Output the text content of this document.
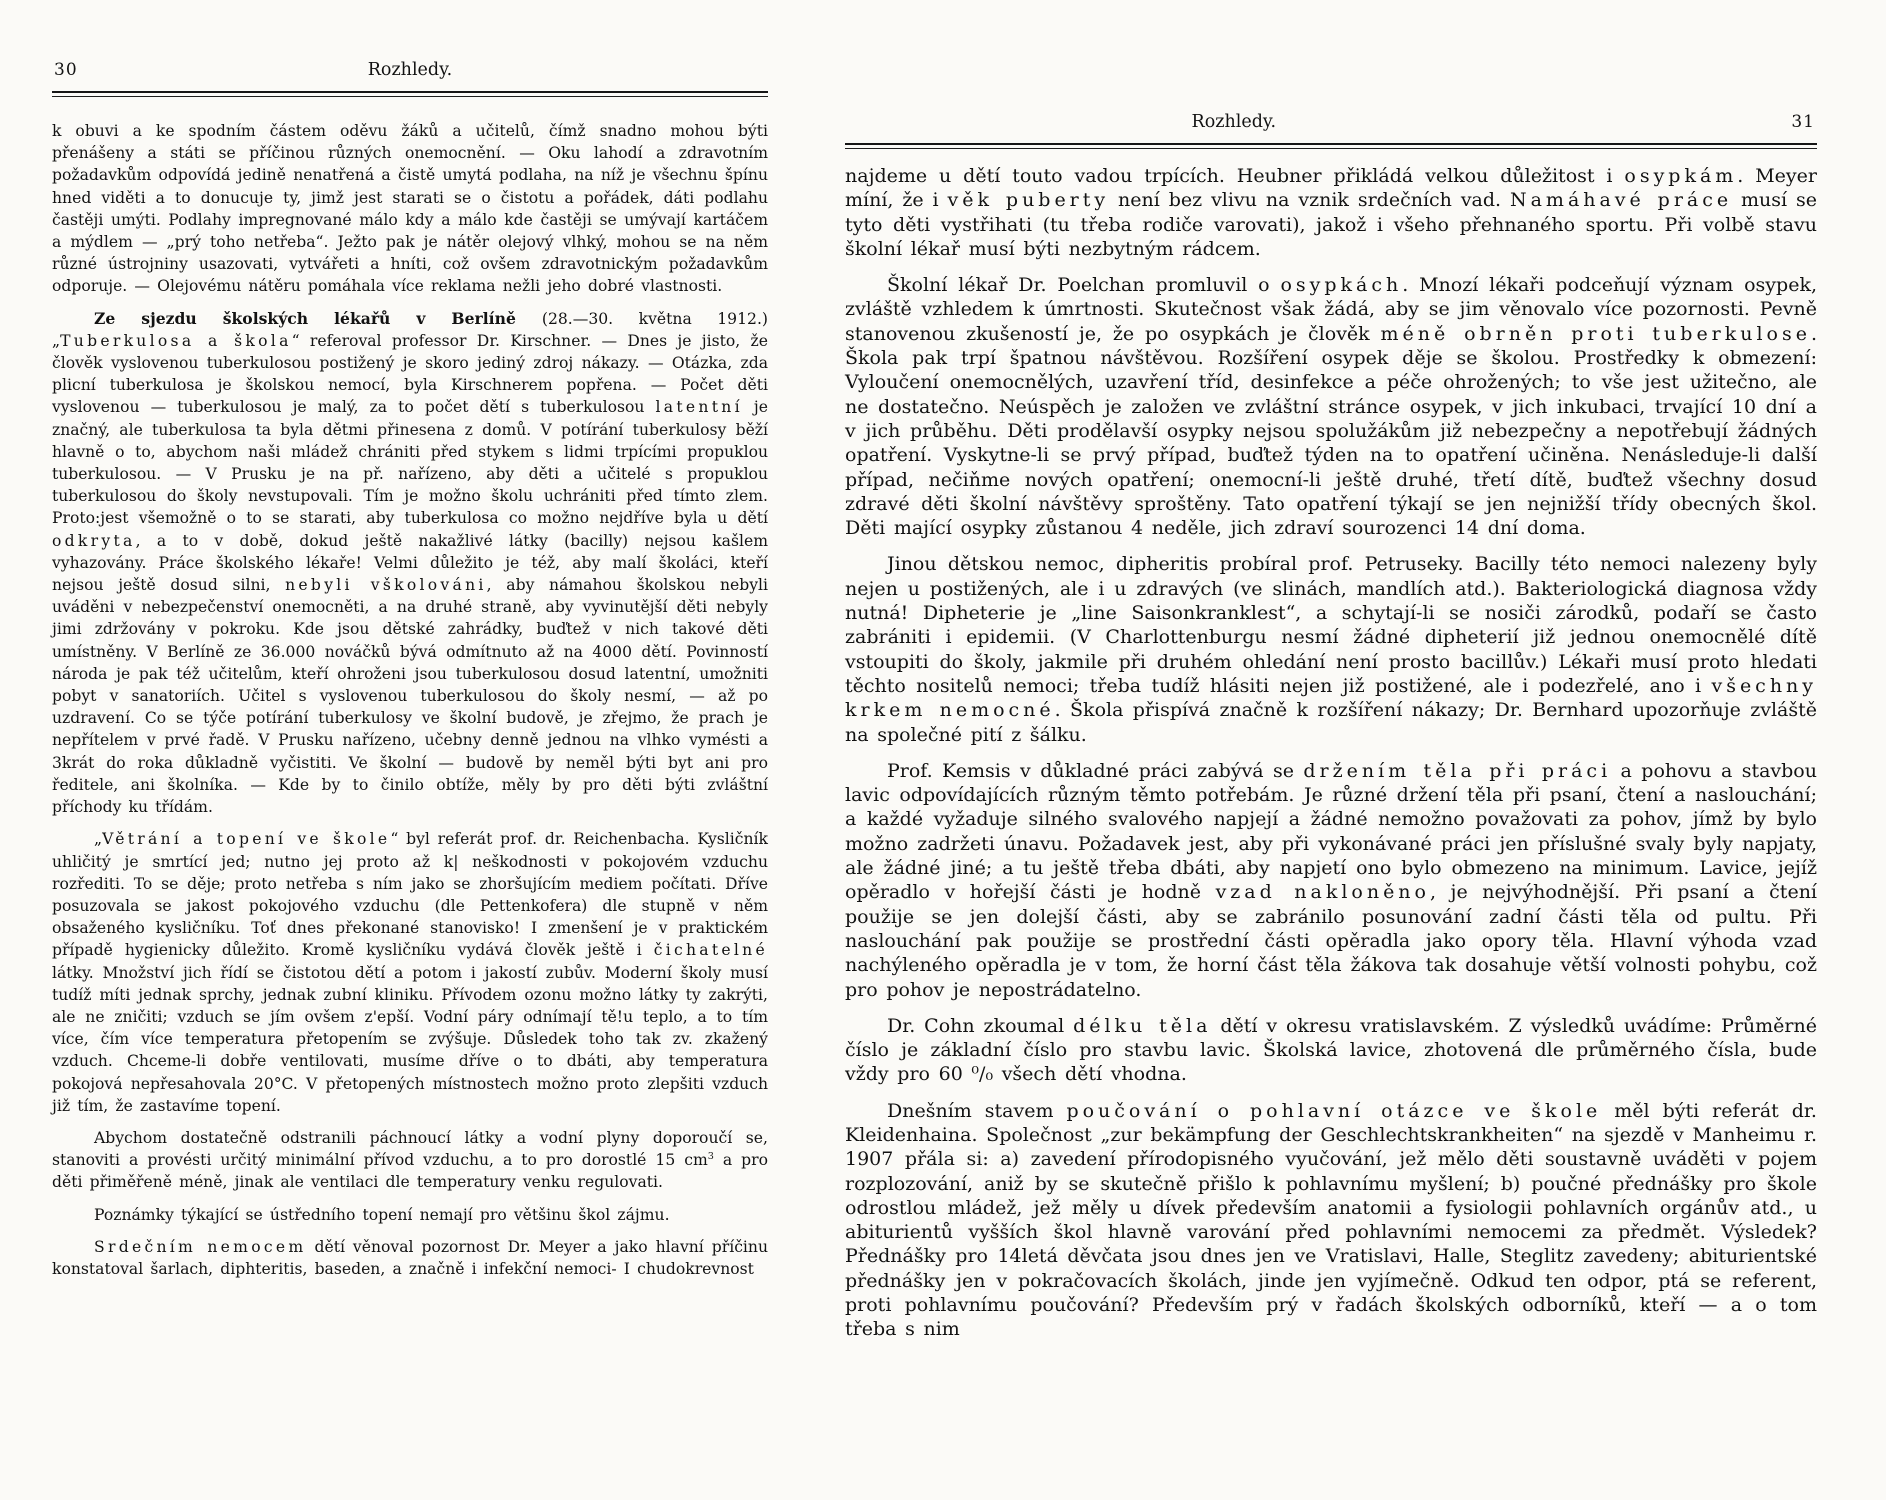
30	Rozhledy.

k obuvi a ke spodním částem oděvu žáků a učitelů, čímž snadno mohou býti přenášeny a státi se příčinou různých onemocnění. — Oku lahodí a zdravotním požadavkům odpovídá jedině nenatřená a čistě umytá podlaha, na níž je všechnu špínu hned viděti a to donucuje ty, jimž jest starati se o čistotu a pořádek, dáti podlahu častěji umýti. Podlahy impregnované málo kdy a málo kde častěji se umývají kartáčem a mýdlem — „prý toho netřeba“. Ježto pak je nátěr olejový vlhký, mohou se na něm různé ústrojniny usazovati, vytvářeti a hníti, což ovšem zdravotnickým požadavkům odporuje. — Olejovému nátěru pomáhala více reklama nežli jeho dobré vlastnosti.

Ze sjezdu školských lékařů v Berlíně (28.—30. května 1912.) „Tuberkulosa a škola“ referoval professor Dr. Kirschner. — Dnes je jisto, že člověk vyslovenou tuberkulosou postižený je skoro jediný zdroj nákazy. — Otázka, zda plicní tuberkulosa je školskou nemocí, byla Kirschnerem popřena. — Počet děti vyslovenou — tuberkulosou je malý, za to počet dětí s tuberkulosou latentní je značný, ale tuberkulosa ta byla dětmi přinesena z domů. V potírání tuberkulosy běží hlavně o to, abychom naši mládež chrániti před stykem s lidmi trpícími propuklou tuberkulosou. — V Prusku je na př. nařízeno, aby děti a učitelé s propuklou tuberkulosou do školy nevstupovali. Tím je možno školu uchrániti před tímto zlem. Proto:jest všemožně o to se starati, aby tuberkulosa co možno nejdříve byla u dětí odkryta, a to v době, dokud ještě nakažlivé látky (bacilly) nejsou kašlem vyhazovány. Práce školského lékaře! Velmi důležito je též, aby malí školáci, kteří nejsou ještě dosud silni, nebyli vškolováni, aby námahou školskou nebyli uváděni v nebezpečenství onemocněti, a na druhé straně, aby vyvinutější děti nebyly jimi zdržovány v pokroku. Kde jsou dětské zahrádky, buďtež v nich takové děti umístněny. V Berlíně ze 36.000 nováčků bývá odmítnuto až na 4000 dětí. Povinností národa je pak též učitelům, kteří ohroženi jsou tuberkulosou dosud latentní, umožniti pobyt v sanatoriích. Učitel s vyslovenou tuberkulosou do školy nesmí, — až po uzdravení. Co se týče potírání tuberkulosy ve školní budově, je zřejmo, že prach je nepřítelem v prvé řadě. V Prusku nařízeno, učebny denně jednou na vlhko vymésti a 3krát do roka důkladně vyčistiti. Ve školní — budově by neměl býti byt ani pro ředitele, ani školníka. — Kde by to činilo obtíže, měly by pro děti býti zvláštní příchody ku třídám.

„Větrání a topení ve škole“ byl referát prof. dr. Reichenbacha. Kysličník uhličitý je smrtící jed; nutno jej proto až k| neškodnosti v pokojovém vzduchu rozřediti. To se děje; proto netřeba s ním jako se zhoršujícím mediem počítati. Dříve posuzovala se jakost pokojového vzduchu (dle Pettenkofera) dle stupně v něm obsaženého kysličníku. Toť dnes překonané stanovisko! I zmenšení je v praktickém případě hygienicky důležito. Kromě kysličníku vydává člověk ještě i čichatelné látky. Množství jich řídí se čistotou dětí a potom i jakostí zubův. Moderní školy musí tudíž míti jednak sprchy, jednak zubní kliniku. Přívodem ozonu možno látky ty zakrýti, ale ne zničiti; vzduch se jím ovšem z'epší. Vodní páry odnímají tě!u teplo, a to tím více, čím více temperatura přetopením se zvýšuje. Důsledek toho tak zv. zkažený vzduch. Chceme-li dobře ventilovati, musíme dříve o to dbáti, aby temperatura pokojová nepřesahovala 20°C. V přetopených místnostech možno proto zlepšiti vzduch již tím, že zastavíme topení.

Abychom dostatečně odstranili páchnoucí látky a vodní plyny doporoučí se, stanoviti a provésti určitý minimální přívod vzduchu, a to pro dorostlé 15 $cm^3$ a pro děti přiměřeně méně, jinak ale ventilaci dle temperatury venku regulovati.

Poznámky týkající se ústředního topení nemají pro většinu škol zájmu.

Srdečním nemocem dětí věnoval pozornost Dr. Meyer a jako hlavní příčinu konstatoval šarlach, diphteritis, baseden, a značně i infekční nemoci- I chudokrevnost

Rozhledy.	31

najdeme u dětí touto vadou trpících. Heubner přikládá velkou důležitost i osypkám. Meyer míní, že i věk puberty není bez vlivu na vznik srdečních vad. Namáhavé práce musí se tyto děti vystřihati (tu třeba rodiče varovati), jakož i všeho přehnaného sportu. Při volbě stavu školní lékař musí býti nezbytným rádcem.

Školní lékař Dr. Poelchan promluvil o osypkách. Mnozí lékaři podceňují význam osypek, zvláště vzhledem k úmrtnosti. Skutečnost však žádá, aby se jim věnovalo více pozornosti. Pevně stanovenou zkušeností je, že po osypkách je člověk méně obrněn proti tuberkulose. Škola pak trpí špatnou návštěvou. Rozšíření osypek děje se školou. Prostředky k obmezení: Vyloučení onemocnělých, uzavření tříd, desinfekce a péče ohrožených; to vše jest užitečno, ale ne dostatečno. Neúspěch je založen ve zvláštní stránce osypek, v jich inkubaci, trvající 10 dní a v jich průběhu. Děti prodělavší osypky nejsou spolužákům již nebezpečny a nepotřebují žádných opatření. Vyskytne-li se prvý případ, buďtež týden na to opatření učiněna. Nenásleduje-li další případ, nečiňme nových opatření; onemocní-li ještě druhé, třetí dítě, buďtež všechny dosud zdravé děti školní návštěvy sproštěny. Tato opatření týkají se jen nejnižší třídy obecných škol. Děti mající osypky zůstanou 4 neděle, jich zdraví sourozenci 14 dní doma.

Jinou dětskou nemoc, dipheritis probíral prof. Petruseky. Bacilly této nemoci nalezeny byly nejen u postižených, ale i u zdravých (ve slinách, mandlích atd.). Bakteriologická diagnosa vždy nutná! Dipheterie je „line Saisonkranklest“, a schytají-li se nosiči zárodků, podaří se často zabrániti i epidemii. (V Charlottenburgu nesmí žádné dipheterií již jednou onemocnělé dítě vstoupiti do školy, jakmile při druhém ohledání není prosto bacillův.) Lékaři musí proto hledati těchto nositelů nemoci; třeba tudíž hlásiti nejen již postižené, ale i podezřelé, ano i všechny krkem nemocné. Škola přispívá značně k rozšíření nákazy; Dr. Bernhard upozorňuje zvláště na společné pití z šálku.

Prof. Kemsis v důkladné práci zabývá se držením těla při práci a pohovu a stavbou lavic odpovídajících různým těmto potřebám. Je různé držení těla při psaní, čtení a naslouchání; a každé vyžaduje silného svalového napjejí a žádné nemožno považovati za pohov, jímž by bylo možno zadržeti únavu. Požadavek jest, aby při vykonávané práci jen příslušné svaly byly napjaty, ale žádné jiné; a tu ještě třeba dbáti, aby napjetí ono bylo obmezeno na minimum. Lavice, jejíž opěradlo v hořejší části je hodně vzad nakloněno, je nejvýhodnější. Při psaní a čtení použije se jen dolejší části, aby se zabránilo posunování zadní části těla od pultu. Při naslouchání pak použije se prostřední části opěradla jako opory těla. Hlavní výhoda vzad nachýleného opěradla je v tom, že horní část těla žákova tak dosahuje větší volnosti pohybu, což pro pohov je nepostrádatelno.

Dr. Cohn zkoumal délku těla dětí v okresu vratislavském. Z výsledků uvádíme: Průměrné číslo je základní číslo pro stavbu lavic. Školská lavice, zhotovená dle průměrného čísla, bude vždy pro 60 ⁰/₀ všech dětí vhodna.

Dnešním stavem poučování o pohlavní otázce ve škole měl býti referát dr. Kleidenhaina. Společnost „zur bekämpfung der Geschlechtskrankheiten“ na sjezdě v Manheimu r. 1907 přála si: a) zavedení přírodopisného vyučování, jež mělo děti soustavně uváděti v pojem rozplozování, aniž by se skutečně přišlo k pohlavnímu myšlení; b) poučné přednášky pro škole odrostlou mládež, jež měly u dívek především anatomii a fysiologii pohlavních orgánův atd., u abiturientů vyšších škol hlavně varování před pohlavními nemocemi za předmět. Výsledek? Přednášky pro 14letá děvčata jsou dnes jen ve Vratislavi, Halle, Steglitz zavedeny; abiturientské přednášky jen v pokračovacích školách, jinde jen vyjímečně. Odkud ten odpor, ptá se referent, proti pohlavnímu poučování? Především prý v řadách školských odborníků, kteří — a o tom třeba s nim
